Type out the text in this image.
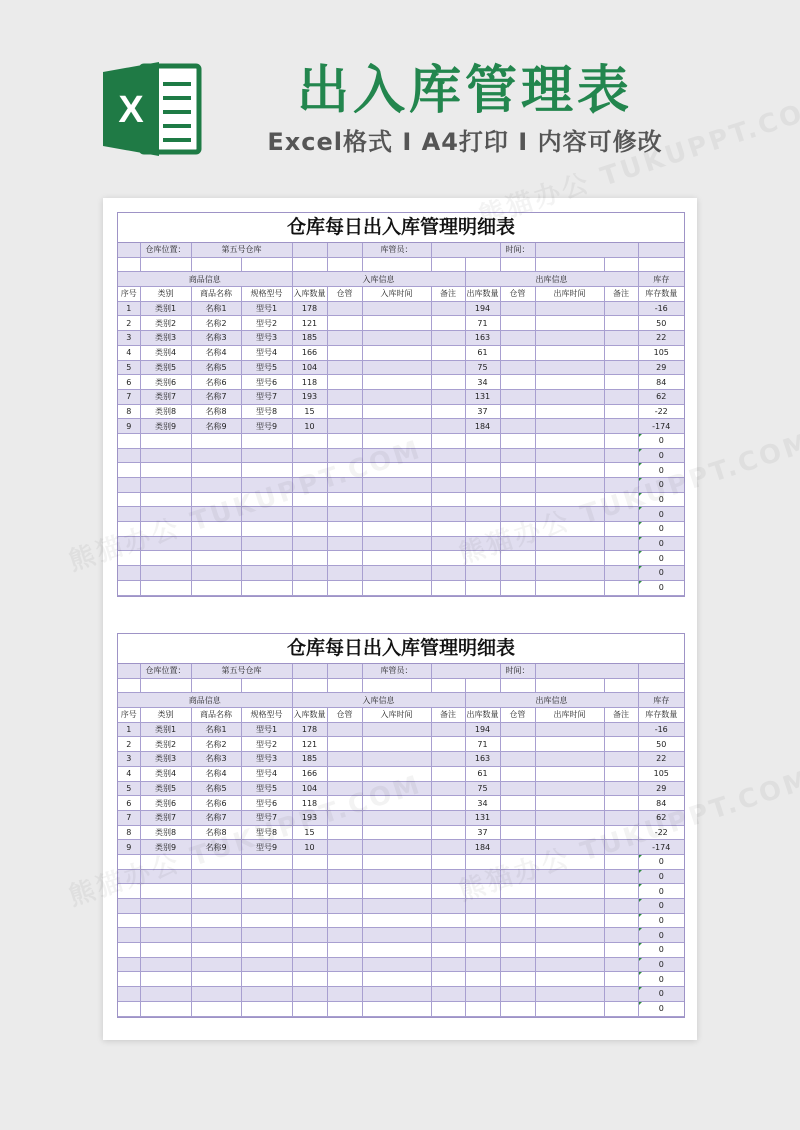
X	出入库管理表
Excel格式 I A4打印 I 内容可修改
仓库每日出入库管理明细表
	仓库位置：	第五号仓库				库管员：			时间：			

商品信息				入库信息				出库信息				库存
序号	类别	商品名称	规格型号	入库数量	仓管	入库时间	备注	出库数量	仓管	出库时间	备注	库存数量
1	类别1	名称1	型号1	178				194				-16
2	类别2	名称2	型号2	121				71				50
3	类别3	名称3	型号3	185				163				22
4	类别4	名称4	型号4	166				61				105
5	类别5	名称5	型号5	104				75				29
6	类别6	名称6	型号6	118				34				84
7	类别7	名称7	型号7	193				131				62
8	类别8	名称8	型号8	15				37				-22
9	类别9	名称9	型号9	10				184				-174
												0
												0
												0
												0
												0
												0
												0
												0
												0
												0
												0
仓库每日出入库管理明细表
	仓库位置：	第五号仓库				库管员：			时间：			

商品信息				入库信息				出库信息				库存
序号	类别	商品名称	规格型号	入库数量	仓管	入库时间	备注	出库数量	仓管	出库时间	备注	库存数量
1	类别1	名称1	型号1	178				194				-16
2	类别2	名称2	型号2	121				71				50
3	类别3	名称3	型号3	185				163				22
4	类别4	名称4	型号4	166				61				105
5	类别5	名称5	型号5	104				75				29
6	类别6	名称6	型号6	118				34				84
7	类别7	名称7	型号7	193				131				62
8	类别8	名称8	型号8	15				37				-22
9	类别9	名称9	型号9	10				184				-174
												0
												0
												0
												0
												0
												0
												0
												0
												0
												0
												0
